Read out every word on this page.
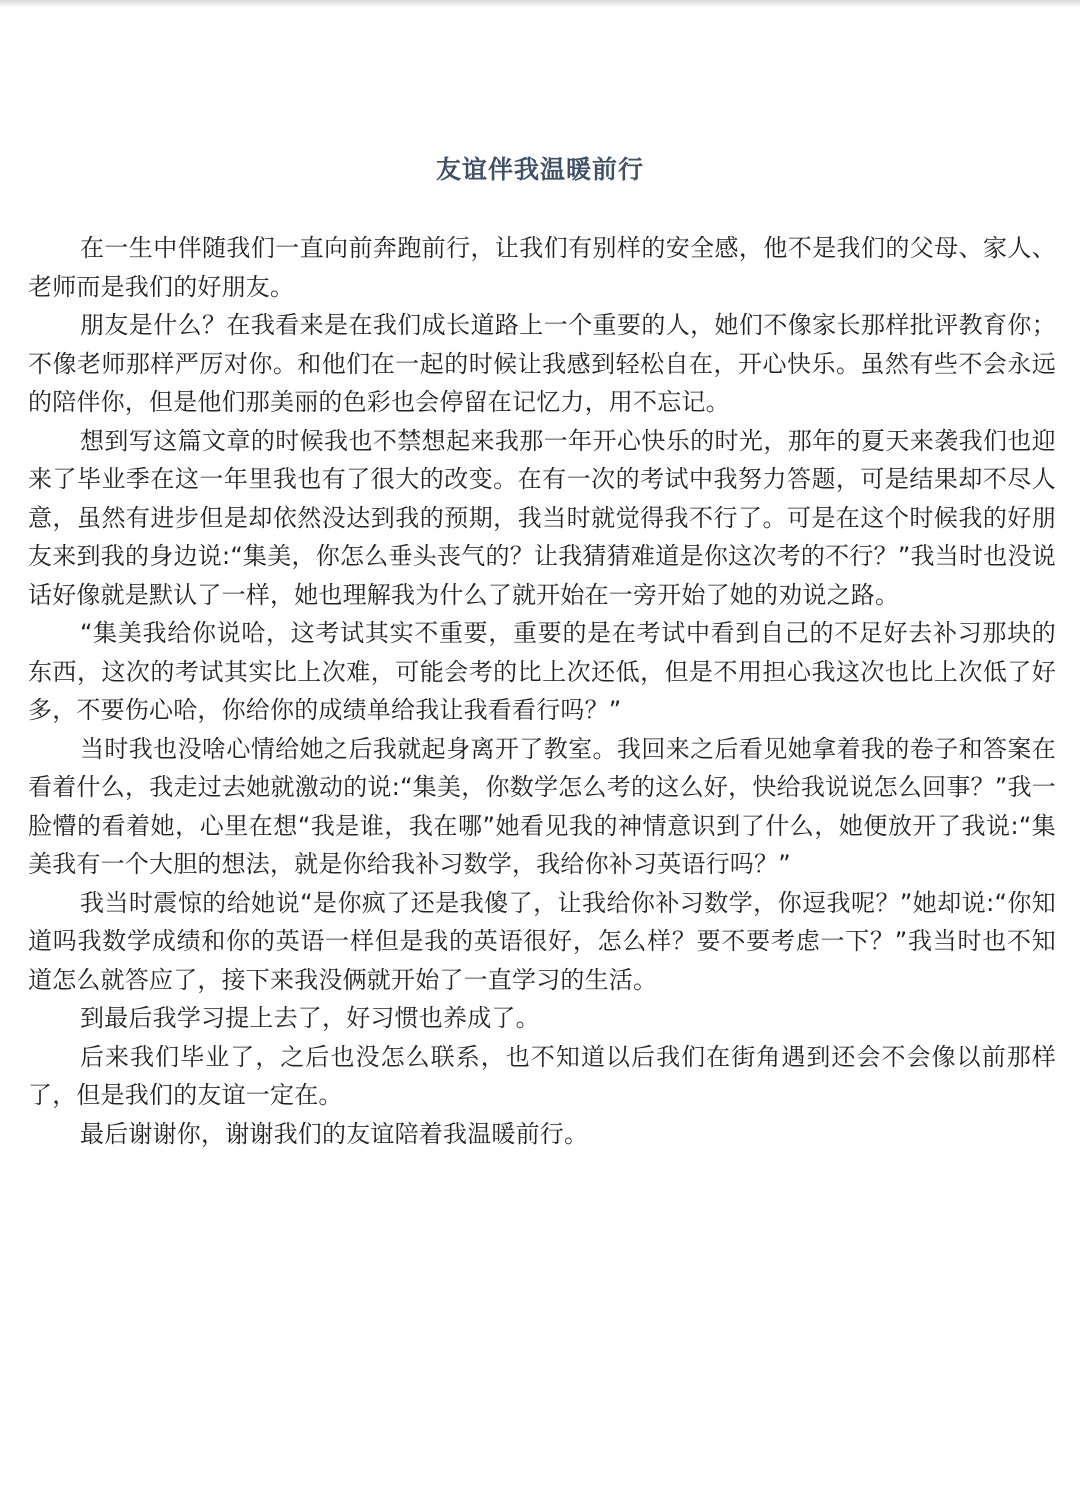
友谊伴我温暖前行

在一生中伴随我们一直向前奔跑前行，让我们有别样的安全感，他不是我们的父母、家人、老师而是我们的好朋友。

朋友是什么？在我看来是在我们成长道路上一个重要的人，她们不像家长那样批评教育你；不像老师那样严厉对你。和他们在一起的时候让我感到轻松自在，开心快乐。虽然有些不会永远的陪伴你，但是他们那美丽的色彩也会停留在记忆力，用不忘记。

想到写这篇文章的时候我也不禁想起来我那一年开心快乐的时光，那年的夏天来袭我们也迎来了毕业季在这一年里我也有了很大的改变。在有一次的考试中我努力答题，可是结果却不尽人意，虽然有进步但是却依然没达到我的预期，我当时就觉得我不行了。可是在这个时候我的好朋友来到我的身边说:“集美，你怎么垂头丧气的？让我猜猜难道是你这次考的不行？”我当时也没说话好像就是默认了一样，她也理解我为什么了就开始在一旁开始了她的劝说之路。

“集美我给你说哈，这考试其实不重要，重要的是在考试中看到自己的不足好去补习那块的东西，这次的考试其实比上次难，可能会考的比上次还低，但是不用担心我这次也比上次低了好多，不要伤心哈，你给你的成绩单给我让我看看行吗？”

当时我也没啥心情给她之后我就起身离开了教室。我回来之后看见她拿着我的卷子和答案在看着什么，我走过去她就激动的说:“集美，你数学怎么考的这么好，快给我说说怎么回事？”我一脸懵的看着她，心里在想“我是谁，我在哪”她看见我的神情意识到了什么，她便放开了我说:“集美我有一个大胆的想法，就是你给我补习数学，我给你补习英语行吗？”

我当时震惊的给她说“是你疯了还是我傻了，让我给你补习数学，你逗我呢？”她却说:“你知道吗我数学成绩和你的英语一样但是我的英语很好，怎么样？要不要考虑一下？”我当时也不知道怎么就答应了，接下来我没俩就开始了一直学习的生活。

到最后我学习提上去了，好习惯也养成了。

后来我们毕业了，之后也没怎么联系，也不知道以后我们在街角遇到还会不会像以前那样了，但是我们的友谊一定在。

最后谢谢你，谢谢我们的友谊陪着我温暖前行。
